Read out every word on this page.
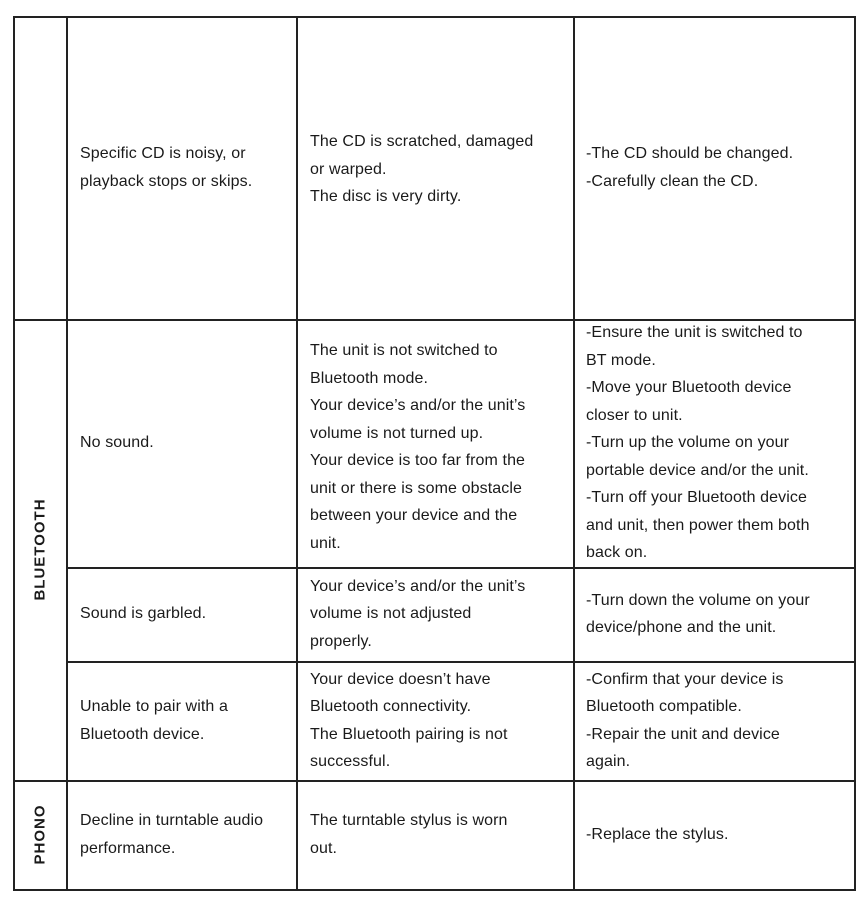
BLUETOOTH
PHONO
Specific CD is noisy, or
playback stops or skips.
The CD is scratched, damaged
or warped.
The disc is very dirty.
-The CD should be changed.
-Carefully clean the CD.
No sound.
The unit is not switched to
Bluetooth mode.
Your device’s and/or the unit’s
volume is not turned up.
Your device is too far from the
unit or there is some obstacle
between your device and the
unit.
-Ensure the unit is switched to
BT mode.
-Move your Bluetooth device
closer to unit.
-Turn up the volume on your
portable device and/or the unit.
-Turn off your Bluetooth device
and unit, then power them both
back on.
Sound is garbled.
Your device’s and/or the unit’s
volume is not adjusted
properly.
-Turn down the volume on your
device/phone and the unit.
Unable to pair with a
Bluetooth device.
Your device doesn’t have
Bluetooth connectivity.
The Bluetooth pairing is not
successful.
-Confirm that your device is
Bluetooth compatible.
-Repair the unit and device
again.
Decline in turntable audio
performance.
The turntable stylus is worn
out.
-Replace the stylus.
